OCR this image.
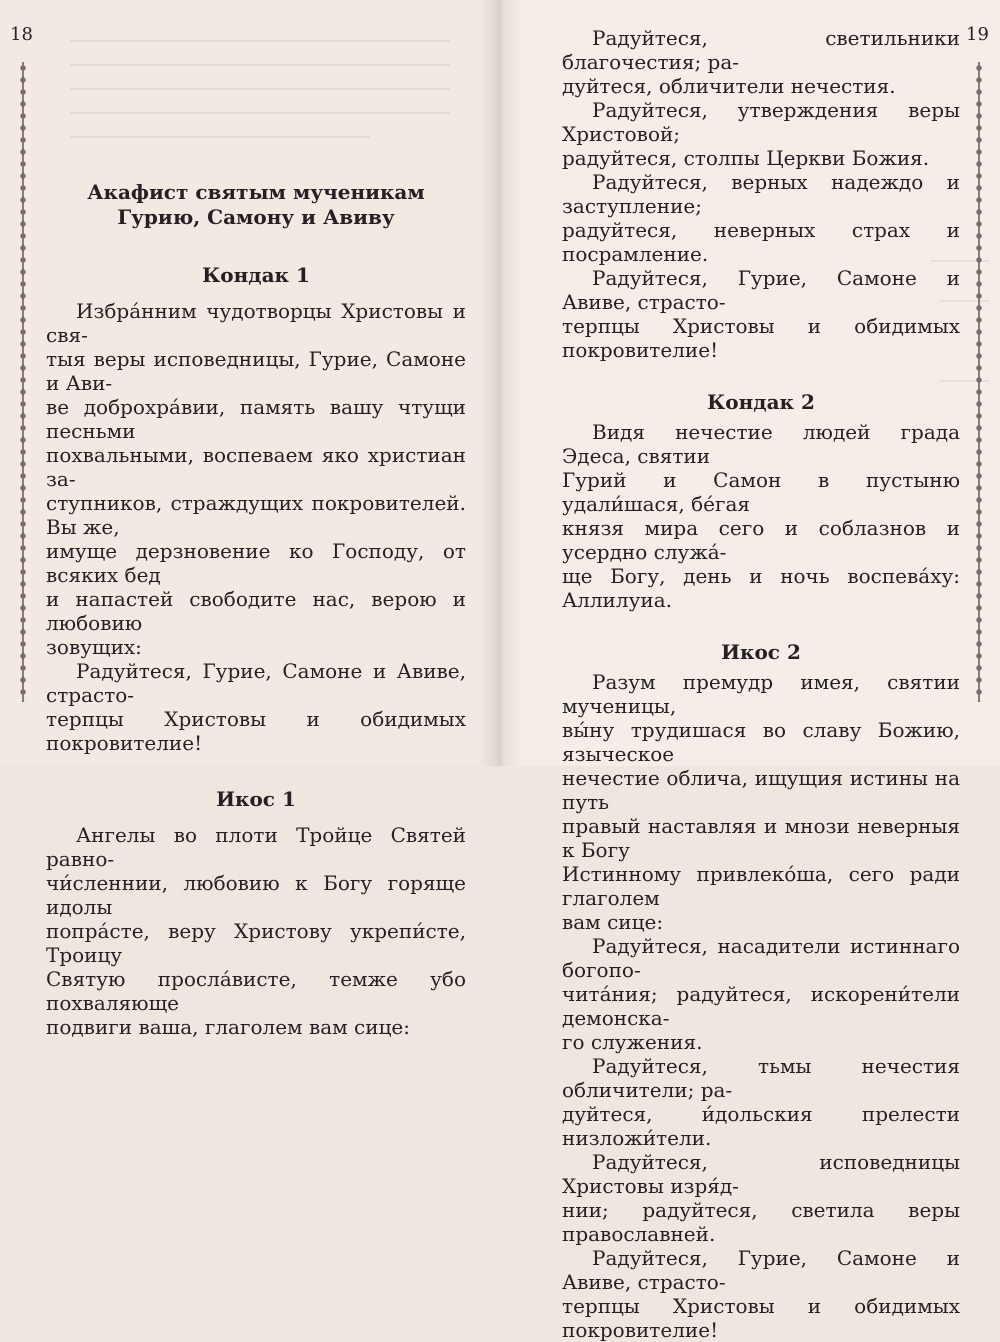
18

Акафист святым мученикам

Гурию, Самону и Авиву

Кондак 1

Избра́нним чудотворцы Христовы и свя-

тыя веры исповедницы, Гурие, Самоне и Ави-

ве доброхра́вии, память вашу чтущи песньми

похвальными, воспеваем яко христиан за-

ступников, страждущих покровителей. Вы же,

имуще дерзновение ко Господу, от всяких бед

и напастей свободите нас, верою и любовию

зовущих:

Радуйтеся, Гурие, Самоне и Авиве, страсто-

терпцы Христовы и обидимых покровителие!

Икос 1

Ангелы во плоти Тройце Святей равно-

чи́сленнии, любовию к Богу горяще идолы

попра́сте, веру Христову укрепи́сте, Троицу

Святую просла́висте, темже убо похваляюще

подвиги ваша, глаголем вам сице:

19

Радуйтеся, светильники благочестия; ра-

дуйтеся, обличители нечестия.

Радуйтеся, утверждения веры Христовой;

радуйтеся, столпы Церкви Божия.

Радуйтеся, верных надеждо и заступление;

радуйтеся, неверных страх и посрамление.

Радуйтеся, Гурие, Самоне и Авиве, страсто-

терпцы Христовы и обидимых покровителие!

Кондак 2

Видя нечестие людей града Эдеса, святии

Гурий и Самон в пустыню удали́шася, бе́гая

князя мира сего и соблазнов и усердно служа́-

ще Богу, день и ночь воспева́ху: Аллилуиа.

Икос 2

Разум премудр имея, святии мученицы,

вы́ну трудишася во славу Божию, языческое

нечестие облича, ищущия истины на путь

правый наставляя и мнози неверныя к Богу

Истинному привлеко́ша, сего ради глаголем

вам сице:

Радуйтеся, насадители истиннаго богопо-

чита́ния; радуйтеся, искорени́тели демонска-

го служения.

Радуйтеся, тьмы нечестия обличители; ра-

дуйтеся, и́дольския прелести низложи́тели.

Радуйтеся, исповедницы Христовы изря́д-

нии; радуйтеся, светила веры православней.

Радуйтеся, Гурие, Самоне и Авиве, страсто-

терпцы Христовы и обидимых покровителие!
